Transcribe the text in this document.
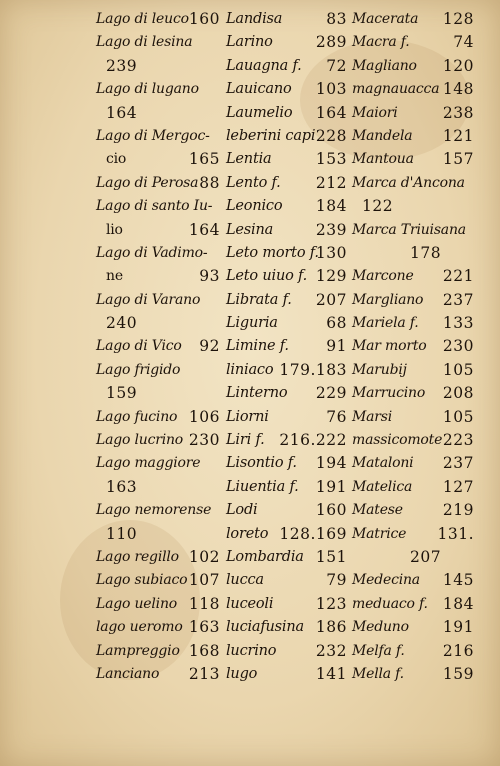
Lago di leuco 160
Lago di lesina
239
Lago di lugano
164
Lago di Mergoc-
cio	165
Lago di Perosa 88
Lago di santo Iu-
lio	164
Lago di Vadimo-
ne	93
Lago di Varano
240
Lago di Vico 92
Lago frigido
159
Lago fucino 106
Lago lucrino 230
Lago maggiore
163
Lago nemorense
110
Lago regillo 102
Lago subiaco 107
Lago uelino 118
lago ueromo 163
Lampreggio 168
Lanciano 213
Landisa	83
Larino	289
Lauagna f. 72
Lauicano 103
Laumelio 164
leberini capi 228
Lentia	153
Lento f. 212
Leonico 184
Lesina	239
Leto morto f.
130
Leto uiuo f. 129
Librata f. 207
Liguria	68
Limine f. 91
liniaco 179.183
Linterno 229
Liorni	76
Liri f. 216.222
Lisontio f. 194
Liuentia f. 191
Lodi	160
loreto 128.169
Lombardia 151
lucca	79
luceoli	123
luciafusina 186
lucrino	232
lugo	141
Macerata 128
Macra f.	74
Magliano 120
magnauacca 148
Maiori	238
Mandela 121
Mantoua 157
Marca d'Ancona
122
Marca Triuisana
178
Marcone 221
Margliano 237
Mariela f. 133
Mar morto 230
Marubij 105
Marrucino 208
Marsi	105
massicomote 223
Mataloni 237
Matelica 127
Matese	219
Matrice 131.
207
Medecina 145
meduaco f. 184
Meduno 191
Melfa f. 216
Mella f.	159
